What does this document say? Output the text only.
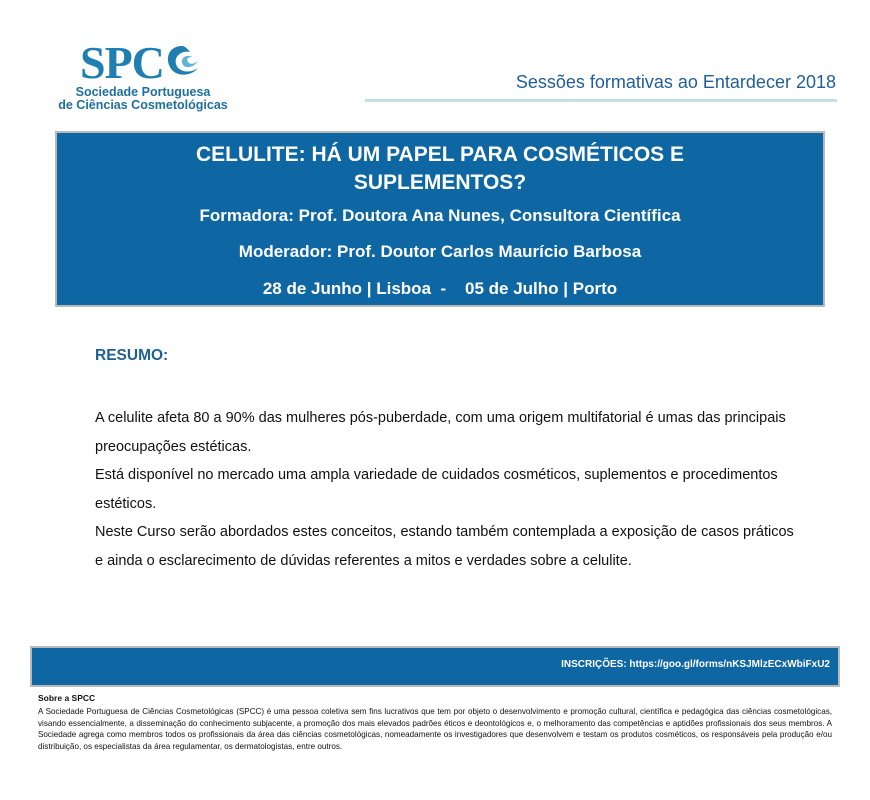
SPC
Sociedade Portuguesa
de Ciências Cosmetológicas
Sessões formativas ao Entardecer 2018
CELULITE: HÁ UM PAPEL PARA COSMÉTICOS E SUPLEMENTOS?
Formadora: Prof. Doutora Ana Nunes, Consultora Científica
Moderador: Prof. Doutor Carlos Maurício Barbosa
28 de Junho | Lisboa  -    05 de Julho | Porto
RESUMO:

A celulite afeta 80 a 90% das mulheres pós-puberdade, com uma origem multifatorial é umas das principais preocupações estéticas.

Está disponível no mercado uma ampla variedade de cuidados cosméticos, suplementos e procedimentos estéticos.

Neste Curso serão abordados estes conceitos, estando também contemplada a exposição de casos práticos e ainda o esclarecimento de dúvidas referentes a mitos e verdades sobre a celulite.

INSCRIÇÕES: https://goo.gl/forms/nKSJMlzECxWbiFxU2
Sobre a SPCC
A Sociedade Portuguesa de Ciências Cosmetológicas (SPCC) é uma pessoa coletiva sem fins lucrativos que tem por objeto o desenvolvimento e promoção cultural, científica e pedagógica das ciências cosmetológicas, visando essencialmente, a disseminação do conhecimento subjacente, a promoção dos mais elevados padrões éticos e deontológicos e, o melhoramento das competências e aptidões profissionais dos seus membros. A Sociedade agrega como membros todos os profissionais da área das ciências cosmetológicas, nomeadamente os investigadores que desenvolvem e testam os produtos cosméticos, os responsáveis pela produção e/ou distribuição, os especialistas da área regulamentar, os dermatologistas, entre outros.
